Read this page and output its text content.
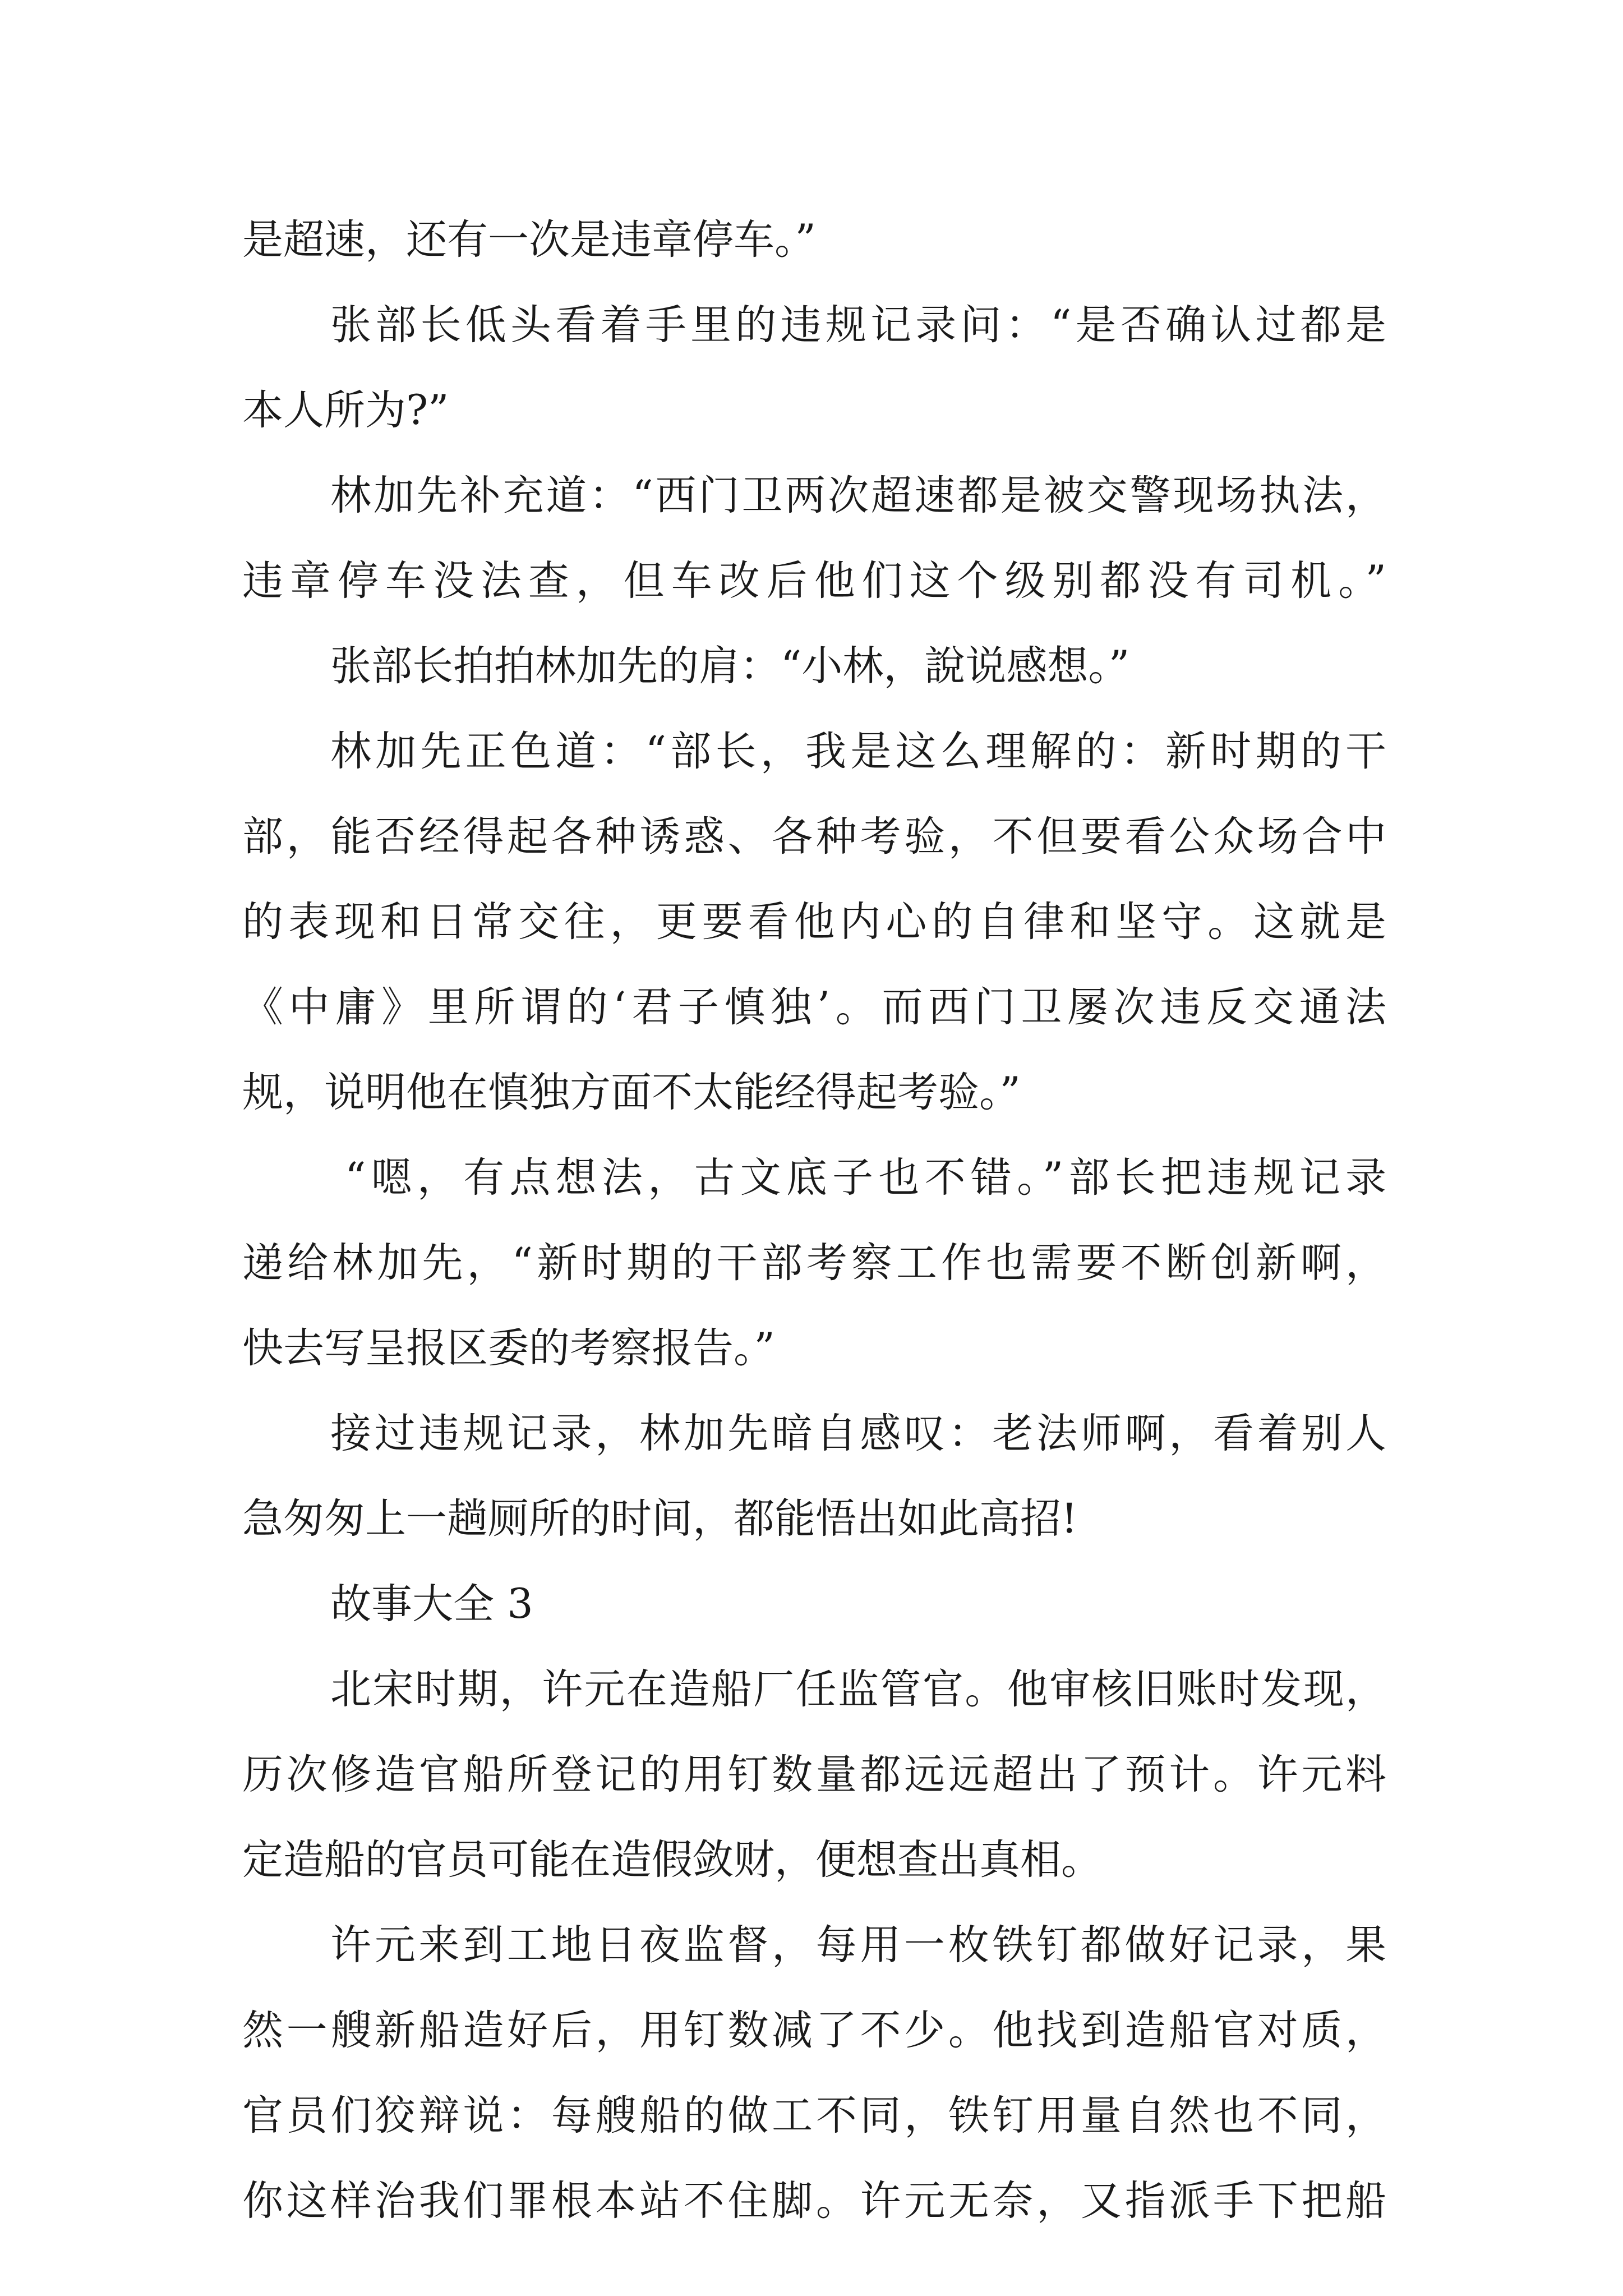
是超速，还有一次是违章停车。”
张部长低头看着手里的违规记录问：“是否确认过都是
本人所为?”
林加先补充道：“西门卫两次超速都是被交警现场执法，
违章停车没法查，但车改后他们这个级别都没有司机。”
张部长拍拍林加先的肩：“小林，說说感想。”
林加先正色道：“部长，我是这么理解的：新时期的干
部，能否经得起各种诱惑、各种考验，不但要看公众场合中
的表现和日常交往，更要看他内心的自律和坚守。这就是
《中庸》里所谓的‘君子慎独’。而西门卫屡次违反交通法
规，说明他在慎独方面不太能经得起考验。”
“嗯，有点想法，古文底子也不错。”部长把违规记录
递给林加先，“新时期的干部考察工作也需要不断创新啊，
快去写呈报区委的考察报告。”
接过违规记录，林加先暗自感叹：老法师啊，看着别人
急匆匆上一趟厕所的时间，都能悟出如此高招!
故事大全 3
北宋时期，许元在造船厂任监管官。他审核旧账时发现，
历次修造官船所登记的用钉数量都远远超出了预计。许元料
定造船的官员可能在造假敛财，便想查出真相。
许元来到工地日夜监督，每用一枚铁钉都做好记录，果
然一艘新船造好后，用钉数减了不少。他找到造船官对质，
官员们狡辩说：每艘船的做工不同，铁钉用量自然也不同，
你这样治我们罪根本站不住脚。许元无奈，又指派手下把船
